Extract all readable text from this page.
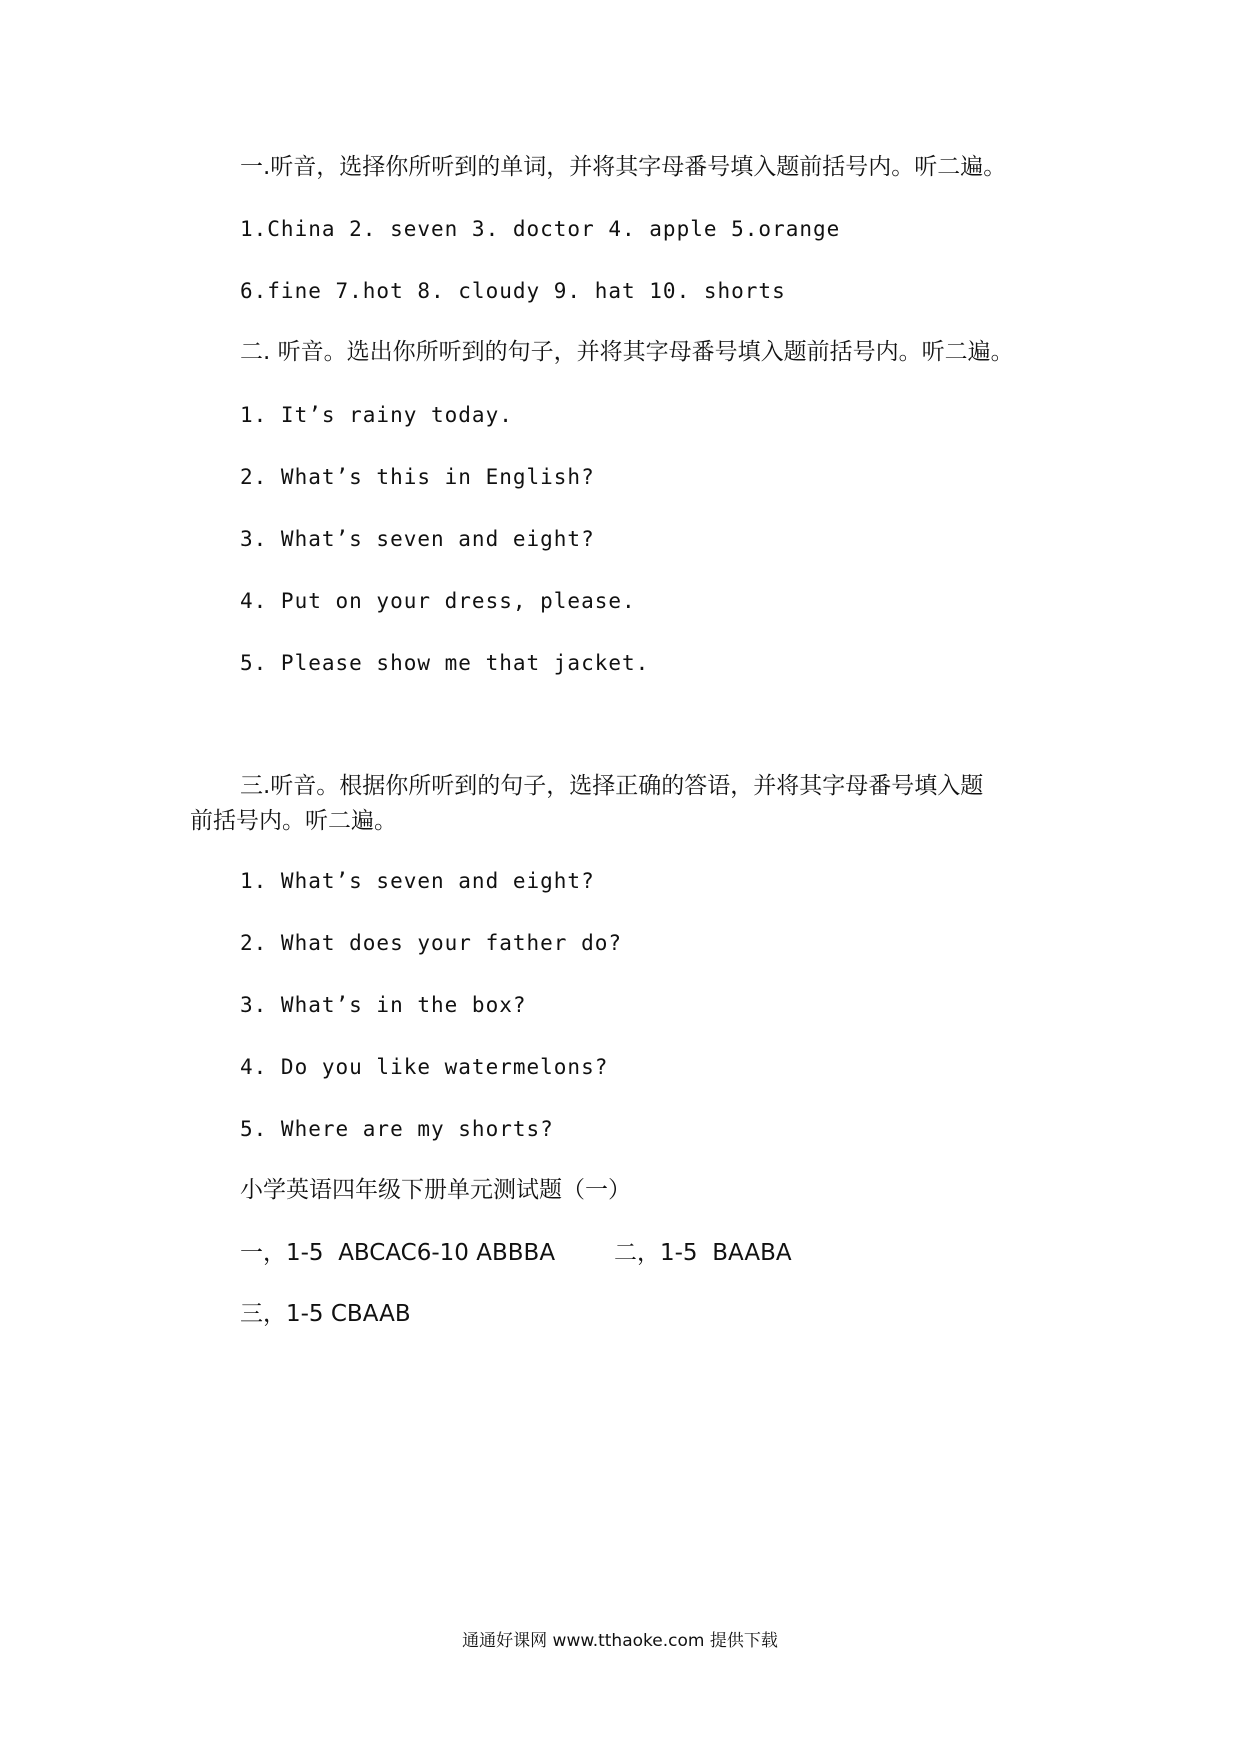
一.听音，选择你所听到的单词，并将其字母番号填入题前括号内。听二遍。
1.China 2. seven 3. doctor 4. apple 5.orange
6.fine 7.hot 8. cloudy 9. hat 10. shorts
二. 听音。选出你所听到的句子，并将其字母番号填入题前括号内。听二遍。
1. It’s rainy today.
2. What’s this in English?
3. What’s seven and eight?
4. Put on your dress, please.
5. Please show me that jacket.
三.听音。根据你所听到的句子，选择正确的答语，并将其字母番号填入题
前括号内。听二遍。
1. What’s seven and eight?
2. What does your father do?
3. What’s in the box?
4. Do you like watermelons?
5. Where are my shorts?
小学英语四年级下册单元测试题（一）
一，1-5  ABCAC6-10 ABBBA	二，1-5  BAABA
三，1-5 CBAAB
通通好课网 www.tthaoke.com 提供下载
